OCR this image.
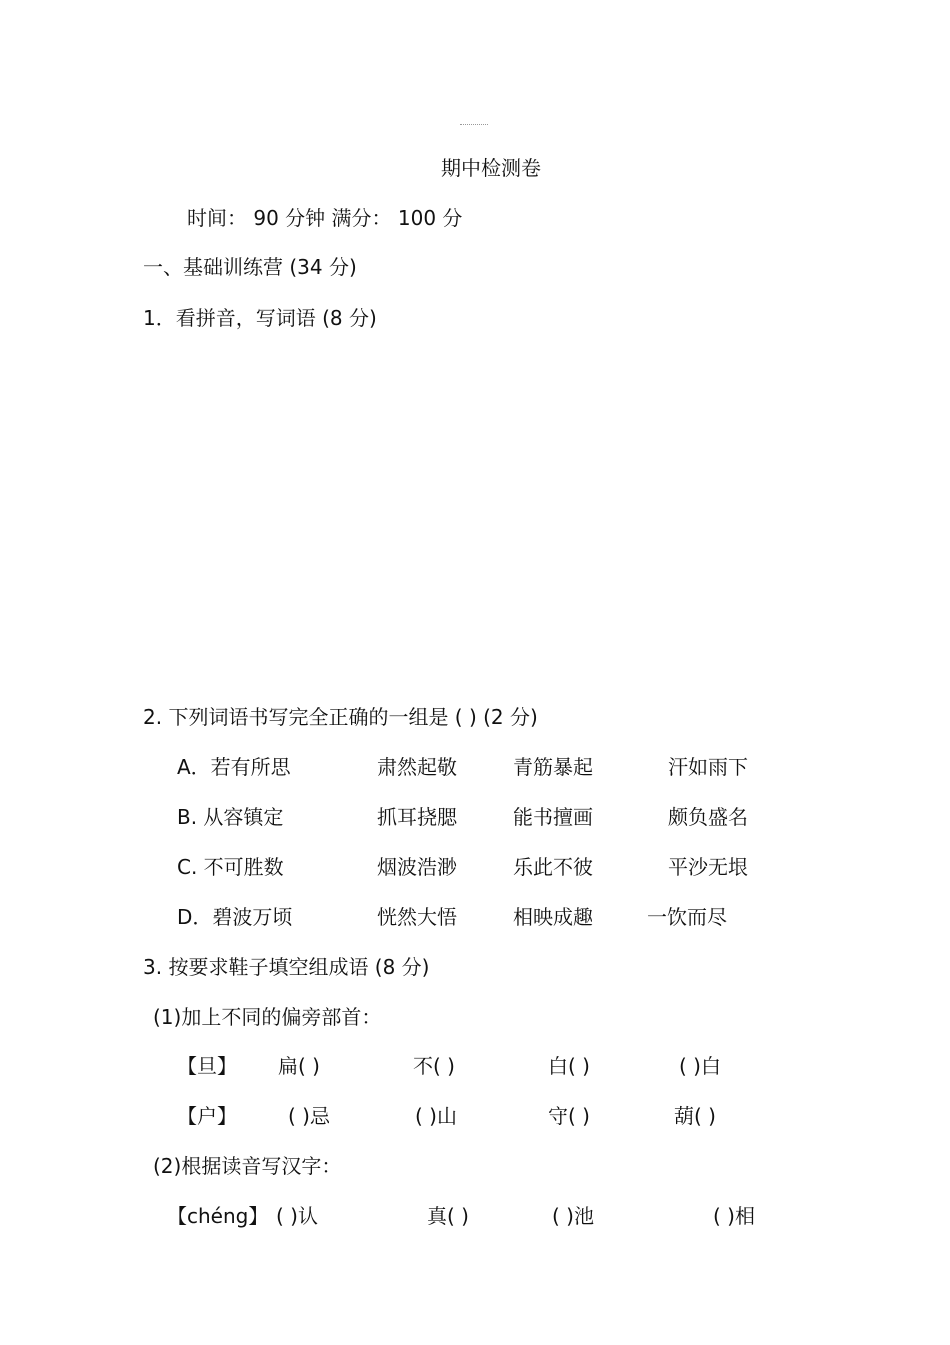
期中检测卷
时间： 90 分钟 满分： 100 分
一、基础训练营 (34 分)
1．看拼音，写词语 (8 分)
2. 下列词语书写完全正确的一组是 ( ) (2 分)
A．若有所思	肃然起敬	青筋暴起	汗如雨下
B. 从容镇定	抓耳挠腮	能书擅画	颇负盛名
C. 不可胜数	烟波浩渺	乐此不彼	平沙无垠
D．碧波万顷	恍然大悟	相映成趣	一饮而尽
3. 按要求鞋子填空组成语 (8 分)
(1)加上不同的偏旁部首：
【旦】 扁( )	不( )	白( )	( )白
【户】	( )忌	( )山	守( )	葫( )
(2)根据读音写汉字：
【chéng】 ( )认	真( )	( )池	( )相
